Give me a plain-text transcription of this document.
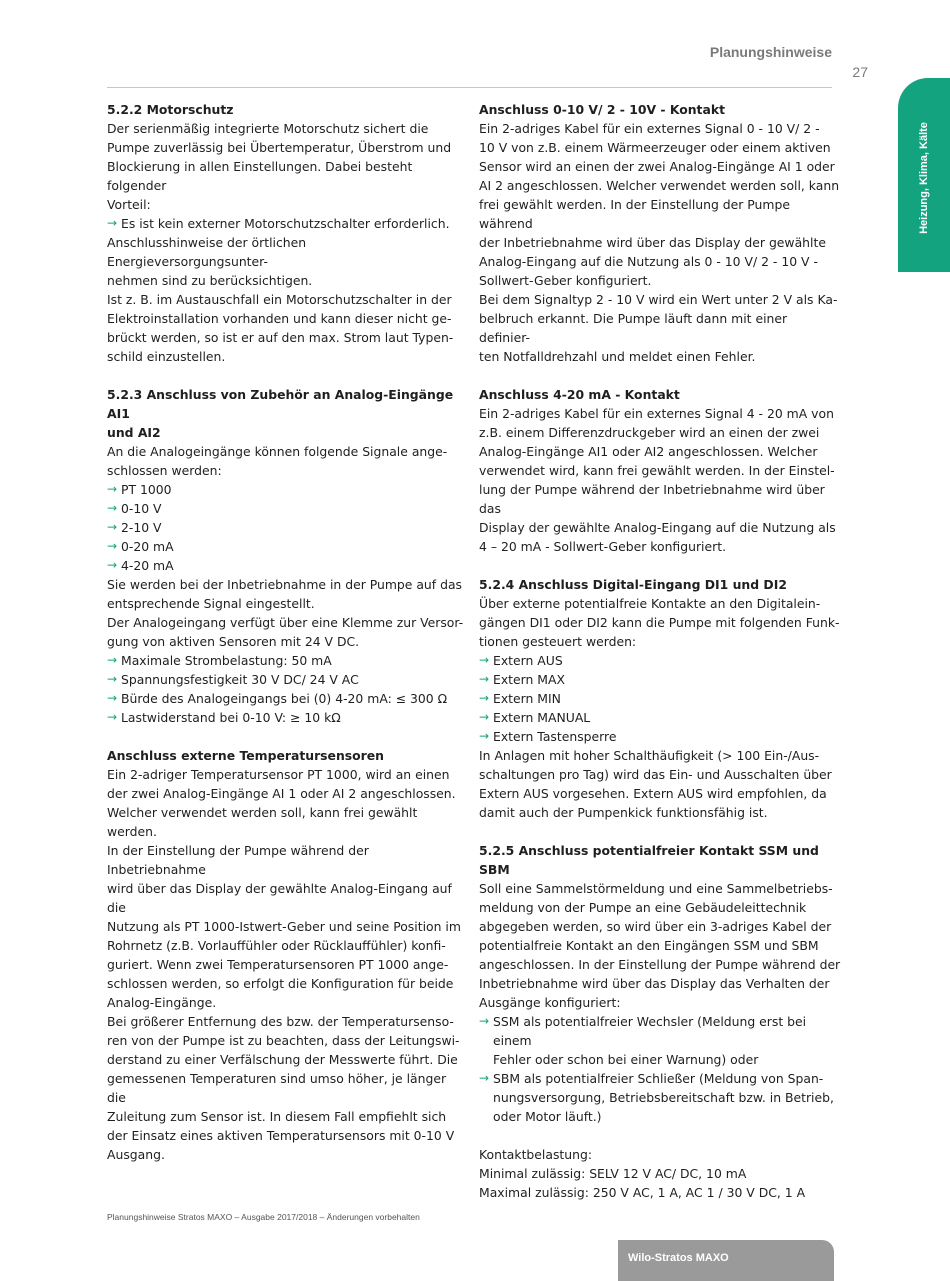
Planungshinweise
27
Heizung, Klima, Kälte
5.2.2 Motorschutz
Der serienmäßig integrierte Motorschutz sichert die
Pumpe zuverlässig bei Übertemperatur, Überstrom und
Blockierung in allen Einstellungen. Dabei besteht folgender
Vorteil:
→ Es ist kein externer Motorschutzschalter erforderlich.
Anschlusshinweise der örtlichen Energieversorgungsunter-
nehmen sind zu berücksichtigen.
Ist z. B. im Austauschfall ein Motorschutzschalter in der
Elektroinstallation vorhanden und kann dieser nicht ge-
brückt werden, so ist er auf den max. Strom laut Typen-
schild einzustellen.
5.2.3 Anschluss von Zubehör an Analog-Eingänge AI1
und AI2
An die Analogeingänge können folgende Signale ange-
schlossen werden:
→ PT 1000
→ 0-10 V
→ 2-10 V
→ 0-20 mA
→ 4-20 mA
Sie werden bei der Inbetriebnahme in der Pumpe auf das
entsprechende Signal eingestellt.
Der Analogeingang verfügt über eine Klemme zur Versor-
gung von aktiven Sensoren mit 24 V DC.
→ Maximale Strombelastung: 50 mA
→ Spannungsfestigkeit 30 V DC/ 24 V AC
→ Bürde des Analogeingangs bei (0) 4-20 mA: ≤ 300 Ω
→ Lastwiderstand bei 0-10 V: ≥ 10 kΩ
Anschluss externe Temperatursensoren
Ein 2-adriger Temperatursensor PT 1000, wird an einen
der zwei Analog-Eingänge AI 1 oder AI 2 angeschlossen.
Welcher verwendet werden soll, kann frei gewählt werden.
In der Einstellung der Pumpe während der Inbetriebnahme
wird über das Display der gewählte Analog-Eingang auf die
Nutzung als PT 1000-Istwert-Geber und seine Position im
Rohrnetz (z.B. Vorlauffühler oder Rücklauffühler) konfi-
guriert. Wenn zwei Temperatursensoren PT 1000 ange-
schlossen werden, so erfolgt die Konfiguration für beide
Analog-Eingänge.
Bei größerer Entfernung des bzw. der Temperatursenso-
ren von der Pumpe ist zu beachten, dass der Leitungswi-
derstand zu einer Verfälschung der Messwerte führt. Die
gemessenen Temperaturen sind umso höher, je länger die
Zuleitung zum Sensor ist. In diesem Fall empfiehlt sich
der Einsatz eines aktiven Temperatursensors mit 0-10 V
Ausgang.
Anschluss 0-10 V/ 2 - 10V - Kontakt
Ein 2-adriges Kabel für ein externes Signal 0 - 10 V/ 2 -
10 V von z.B. einem Wärmeerzeuger oder einem aktiven
Sensor wird an einen der zwei Analog-Eingänge AI 1 oder
AI 2 angeschlossen. Welcher verwendet werden soll, kann
frei gewählt werden. In der Einstellung der Pumpe während
der Inbetriebnahme wird über das Display der gewählte
Analog-Eingang auf die Nutzung als 0 - 10 V/ 2 - 10 V -
Sollwert-Geber konfiguriert.
Bei dem Signaltyp 2 - 10 V wird ein Wert unter 2 V als Ka-
belbruch erkannt. Die Pumpe läuft dann mit einer definier-
ten Notfalldrehzahl und meldet einen Fehler.
Anschluss 4-20 mA - Kontakt
Ein 2-adriges Kabel für ein externes Signal 4 - 20 mA von
z.B. einem Differenzdruckgeber wird an einen der zwei
Analog-Eingänge AI1 oder AI2 angeschlossen. Welcher
verwendet wird, kann frei gewählt werden. In der Einstel-
lung der Pumpe während der Inbetriebnahme wird über das
Display der gewählte Analog-Eingang auf die Nutzung als
4 – 20 mA - Sollwert-Geber konfiguriert.
5.2.4 Anschluss Digital-Eingang DI1 und DI2
Über externe potentialfreie Kontakte an den Digitalein-
gängen DI1 oder DI2 kann die Pumpe mit folgenden Funk-
tionen gesteuert werden:
→ Extern AUS
→ Extern MAX
→ Extern MIN
→ Extern MANUAL
→ Extern Tastensperre
In Anlagen mit hoher Schalthäufigkeit (> 100 Ein-/Aus-
schaltungen pro Tag) wird das Ein- und Ausschalten über
Extern AUS vorgesehen. Extern AUS wird empfohlen, da
damit auch der Pumpenkick funktionsfähig ist.
5.2.5 Anschluss potentialfreier Kontakt SSM und SBM
Soll eine Sammelstörmeldung und eine Sammelbetriebs-
meldung von der Pumpe an eine Gebäudeleittechnik
abgegeben werden, so wird über ein 3-adriges Kabel der
potentialfreie Kontakt an den Eingängen SSM und SBM
angeschlossen. In der Einstellung der Pumpe während der
Inbetriebnahme wird über das Display das Verhalten der
Ausgänge konfiguriert:
→ SSM als potentialfreier Wechsler (Meldung erst bei einem
Fehler oder schon bei einer Warnung) oder
→ SBM als potentialfreier Schließer (Meldung von Span-
nungsversorgung, Betriebsbereitschaft bzw. in Betrieb,
oder Motor läuft.)
Kontaktbelastung:
Minimal zulässig: SELV 12 V AC/ DC, 10 mA
Maximal zulässig: 250 V AC, 1 A, AC 1 / 30 V DC, 1 A
Planungshinweise Stratos MAXO – Ausgabe 2017/2018 – Änderungen vorbehalten
Wilo-Stratos MAXO
